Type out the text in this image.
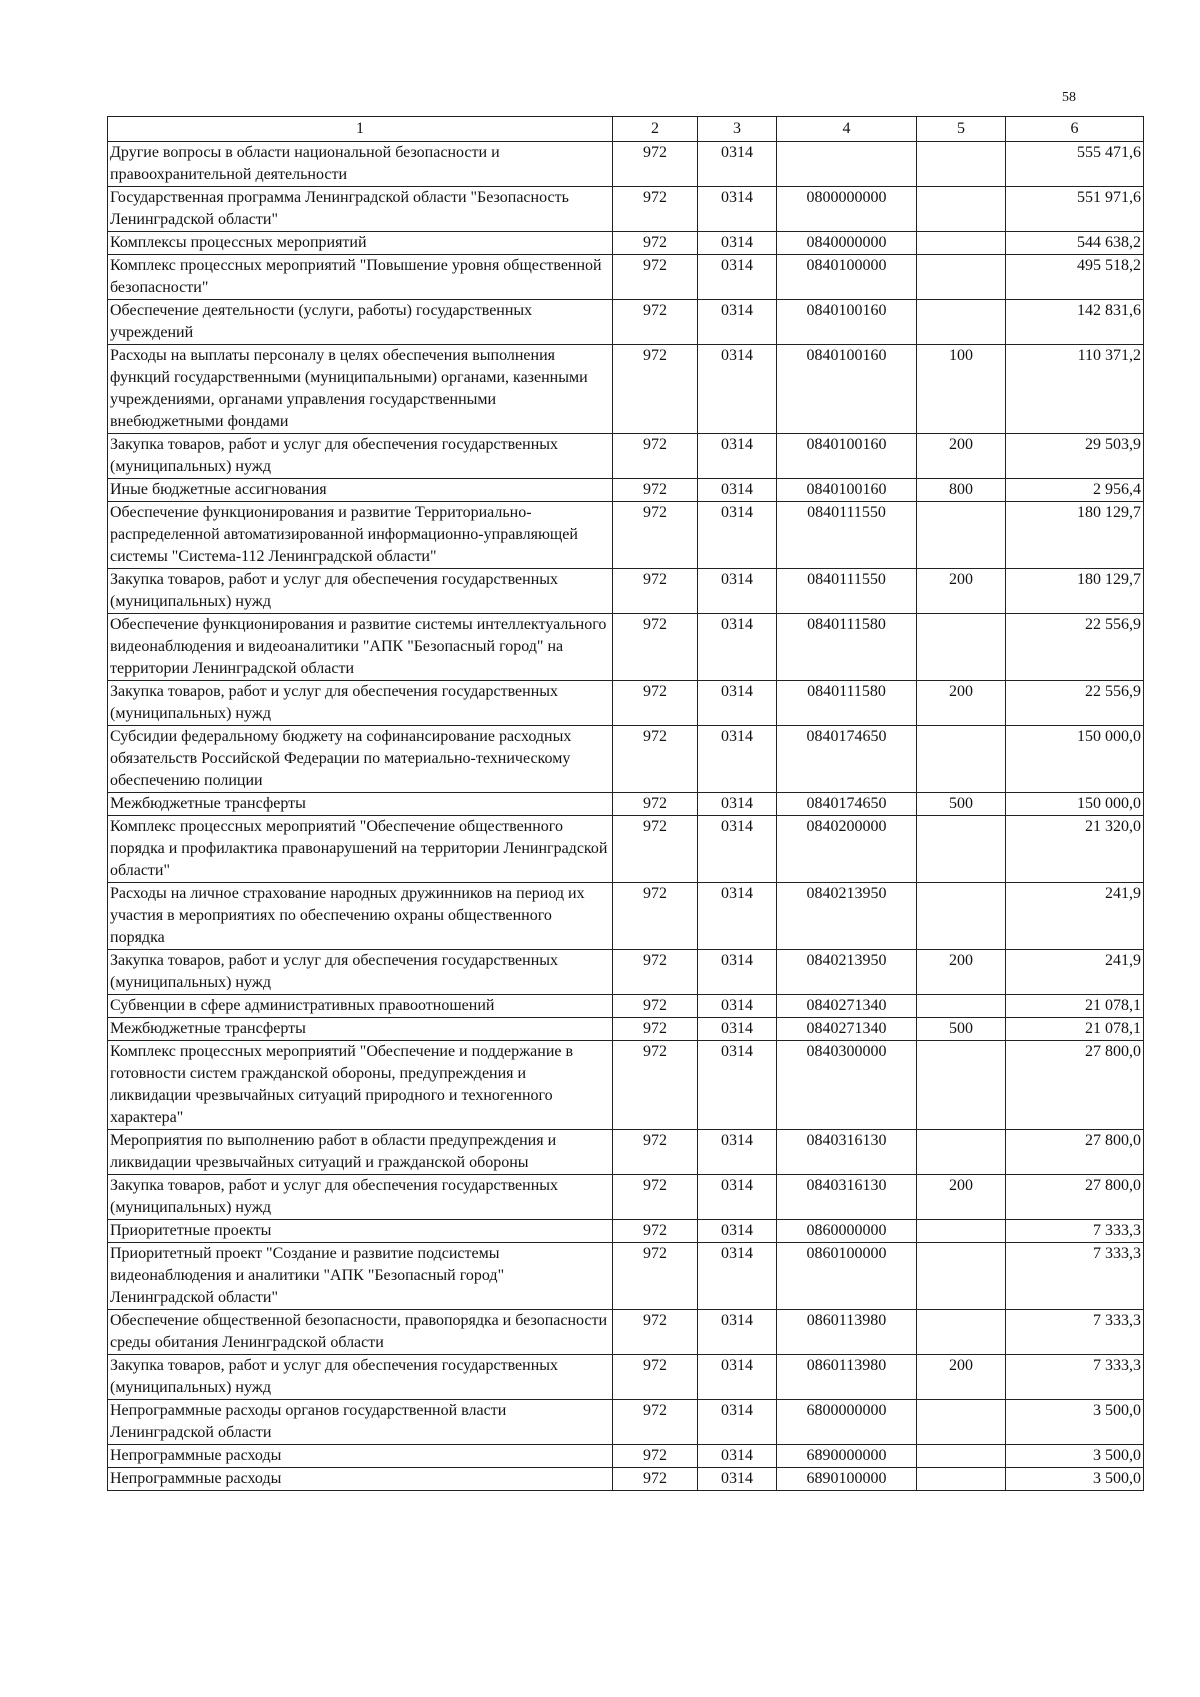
58
1	2	3	4	5	6
Другие вопросы в области национальной безопасности и правоохранительной деятельности	972	0314			555 471,6
Государственная программа Ленинградской области "Безопасность Ленинградской области"	972	0314	0800000000		551 971,6
Комплексы процессных мероприятий	972	0314	0840000000		544 638,2
Комплекс процессных мероприятий "Повышение уровня общественной безопасности"	972	0314	0840100000		495 518,2
Обеспечение деятельности (услуги, работы) государственных учреждений	972	0314	0840100160		142 831,6
Расходы на выплаты персоналу в целях обеспечения выполнения функций государственными (муниципальными) органами, казенными учреждениями, органами управления государственными внебюджетными фондами	972	0314	0840100160	100	110 371,2
Закупка товаров, работ и услуг для обеспечения государственных (муниципальных) нужд	972	0314	0840100160	200	29 503,9
Иные бюджетные ассигнования	972	0314	0840100160	800	2 956,4
Обеспечение функционирования и развитие Территориально-распределенной автоматизированной информационно-управляющей системы "Система-112 Ленинградской области"	972	0314	0840111550		180 129,7
Закупка товаров, работ и услуг для обеспечения государственных (муниципальных) нужд	972	0314	0840111550	200	180 129,7
Обеспечение функционирования и развитие системы интеллектуального видеонаблюдения и видеоаналитики "АПК "Безопасный город" на территории Ленинградской области	972	0314	0840111580		22 556,9
Закупка товаров, работ и услуг для обеспечения государственных (муниципальных) нужд	972	0314	0840111580	200	22 556,9
Субсидии федеральному бюджету на софинансирование расходных обязательств Российской Федерации по материально-техническому обеспечению полиции	972	0314	0840174650		150 000,0
Межбюджетные трансферты	972	0314	0840174650	500	150 000,0
Комплекс процессных мероприятий "Обеспечение общественного порядка и профилактика правонарушений на территории Ленинградской области"	972	0314	0840200000		21 320,0
Расходы на личное страхование народных дружинников на период их участия в мероприятиях по обеспечению охраны общественного порядка	972	0314	0840213950		241,9
Закупка товаров, работ и услуг для обеспечения государственных (муниципальных) нужд	972	0314	0840213950	200	241,9
Субвенции в сфере административных правоотношений	972	0314	0840271340		21 078,1
Межбюджетные трансферты	972	0314	0840271340	500	21 078,1
Комплекс процессных мероприятий "Обеспечение и поддержание в готовности систем гражданской обороны, предупреждения и ликвидации чрезвычайных ситуаций природного и техногенного характера"	972	0314	0840300000		27 800,0
Мероприятия по выполнению работ в области предупреждения и ликвидации чрезвычайных ситуаций и гражданской обороны	972	0314	0840316130		27 800,0
Закупка товаров, работ и услуг для обеспечения государственных (муниципальных) нужд	972	0314	0840316130	200	27 800,0
Приоритетные проекты	972	0314	0860000000		7 333,3
Приоритетный проект "Создание и развитие подсистемы видеонаблюдения и аналитики "АПК "Безопасный город" Ленинградской области"	972	0314	0860100000		7 333,3
Обеспечение общественной безопасности, правопорядка и безопасности среды обитания Ленинградской области	972	0314	0860113980		7 333,3
Закупка товаров, работ и услуг для обеспечения государственных (муниципальных) нужд	972	0314	0860113980	200	7 333,3
Непрограммные расходы органов государственной власти Ленинградской области	972	0314	6800000000		3 500,0
Непрограммные расходы	972	0314	6890000000		3 500,0
Непрограммные расходы	972	0314	6890100000		3 500,0
